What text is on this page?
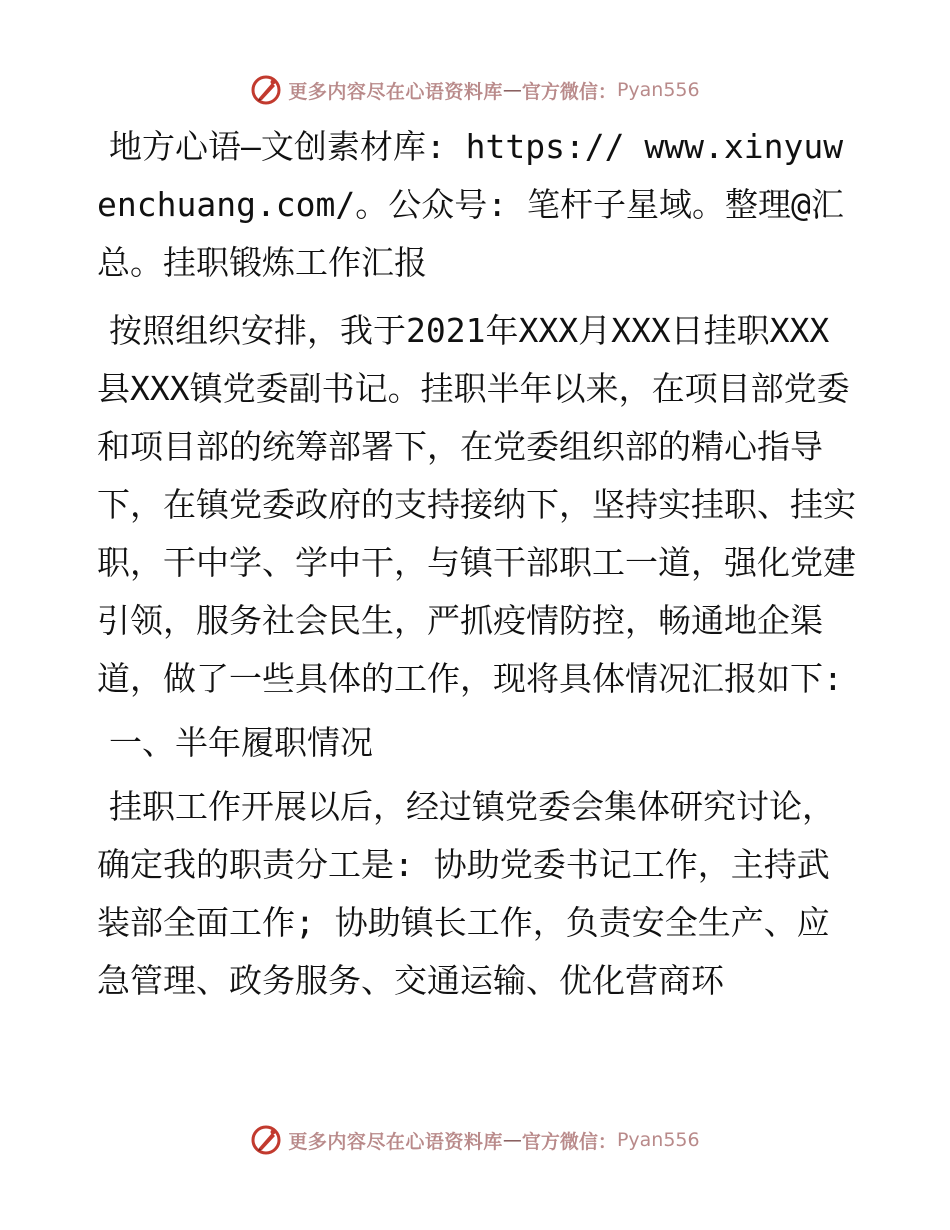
更多内容尽在心语资料库 — 官方微信： Pyan556

地方心语—文创素材库: https:// www.xinyuwenchuang.com/。公众号: 笔杆子星域。整理@汇总。挂职锻炼工作汇报

按照组织安排，我于2021年XXX月XXX日挂职XXX县XXX镇党委副书记。挂职半年以来，在项目部党委和项目部的统筹部署下，在党委组织部的精心指导下，在镇党委政府的支持接纳下，坚持实挂职、挂实职，干中学、学中干，与镇干部职工一道，强化党建引领，服务社会民生，严抓疫情防控，畅通地企渠道，做了一些具体的工作，现将具体情况汇报如下:

一、半年履职情况

挂职工作开展以后，经过镇党委会集体研究讨论，确定我的职责分工是: 协助党委书记工作，主持武装部全面工作; 协助镇长工作，负责安全生产、应急管理、政务服务、交通运输、优化营商环

更多内容尽在心语资料库 — 官方微信： Pyan556
